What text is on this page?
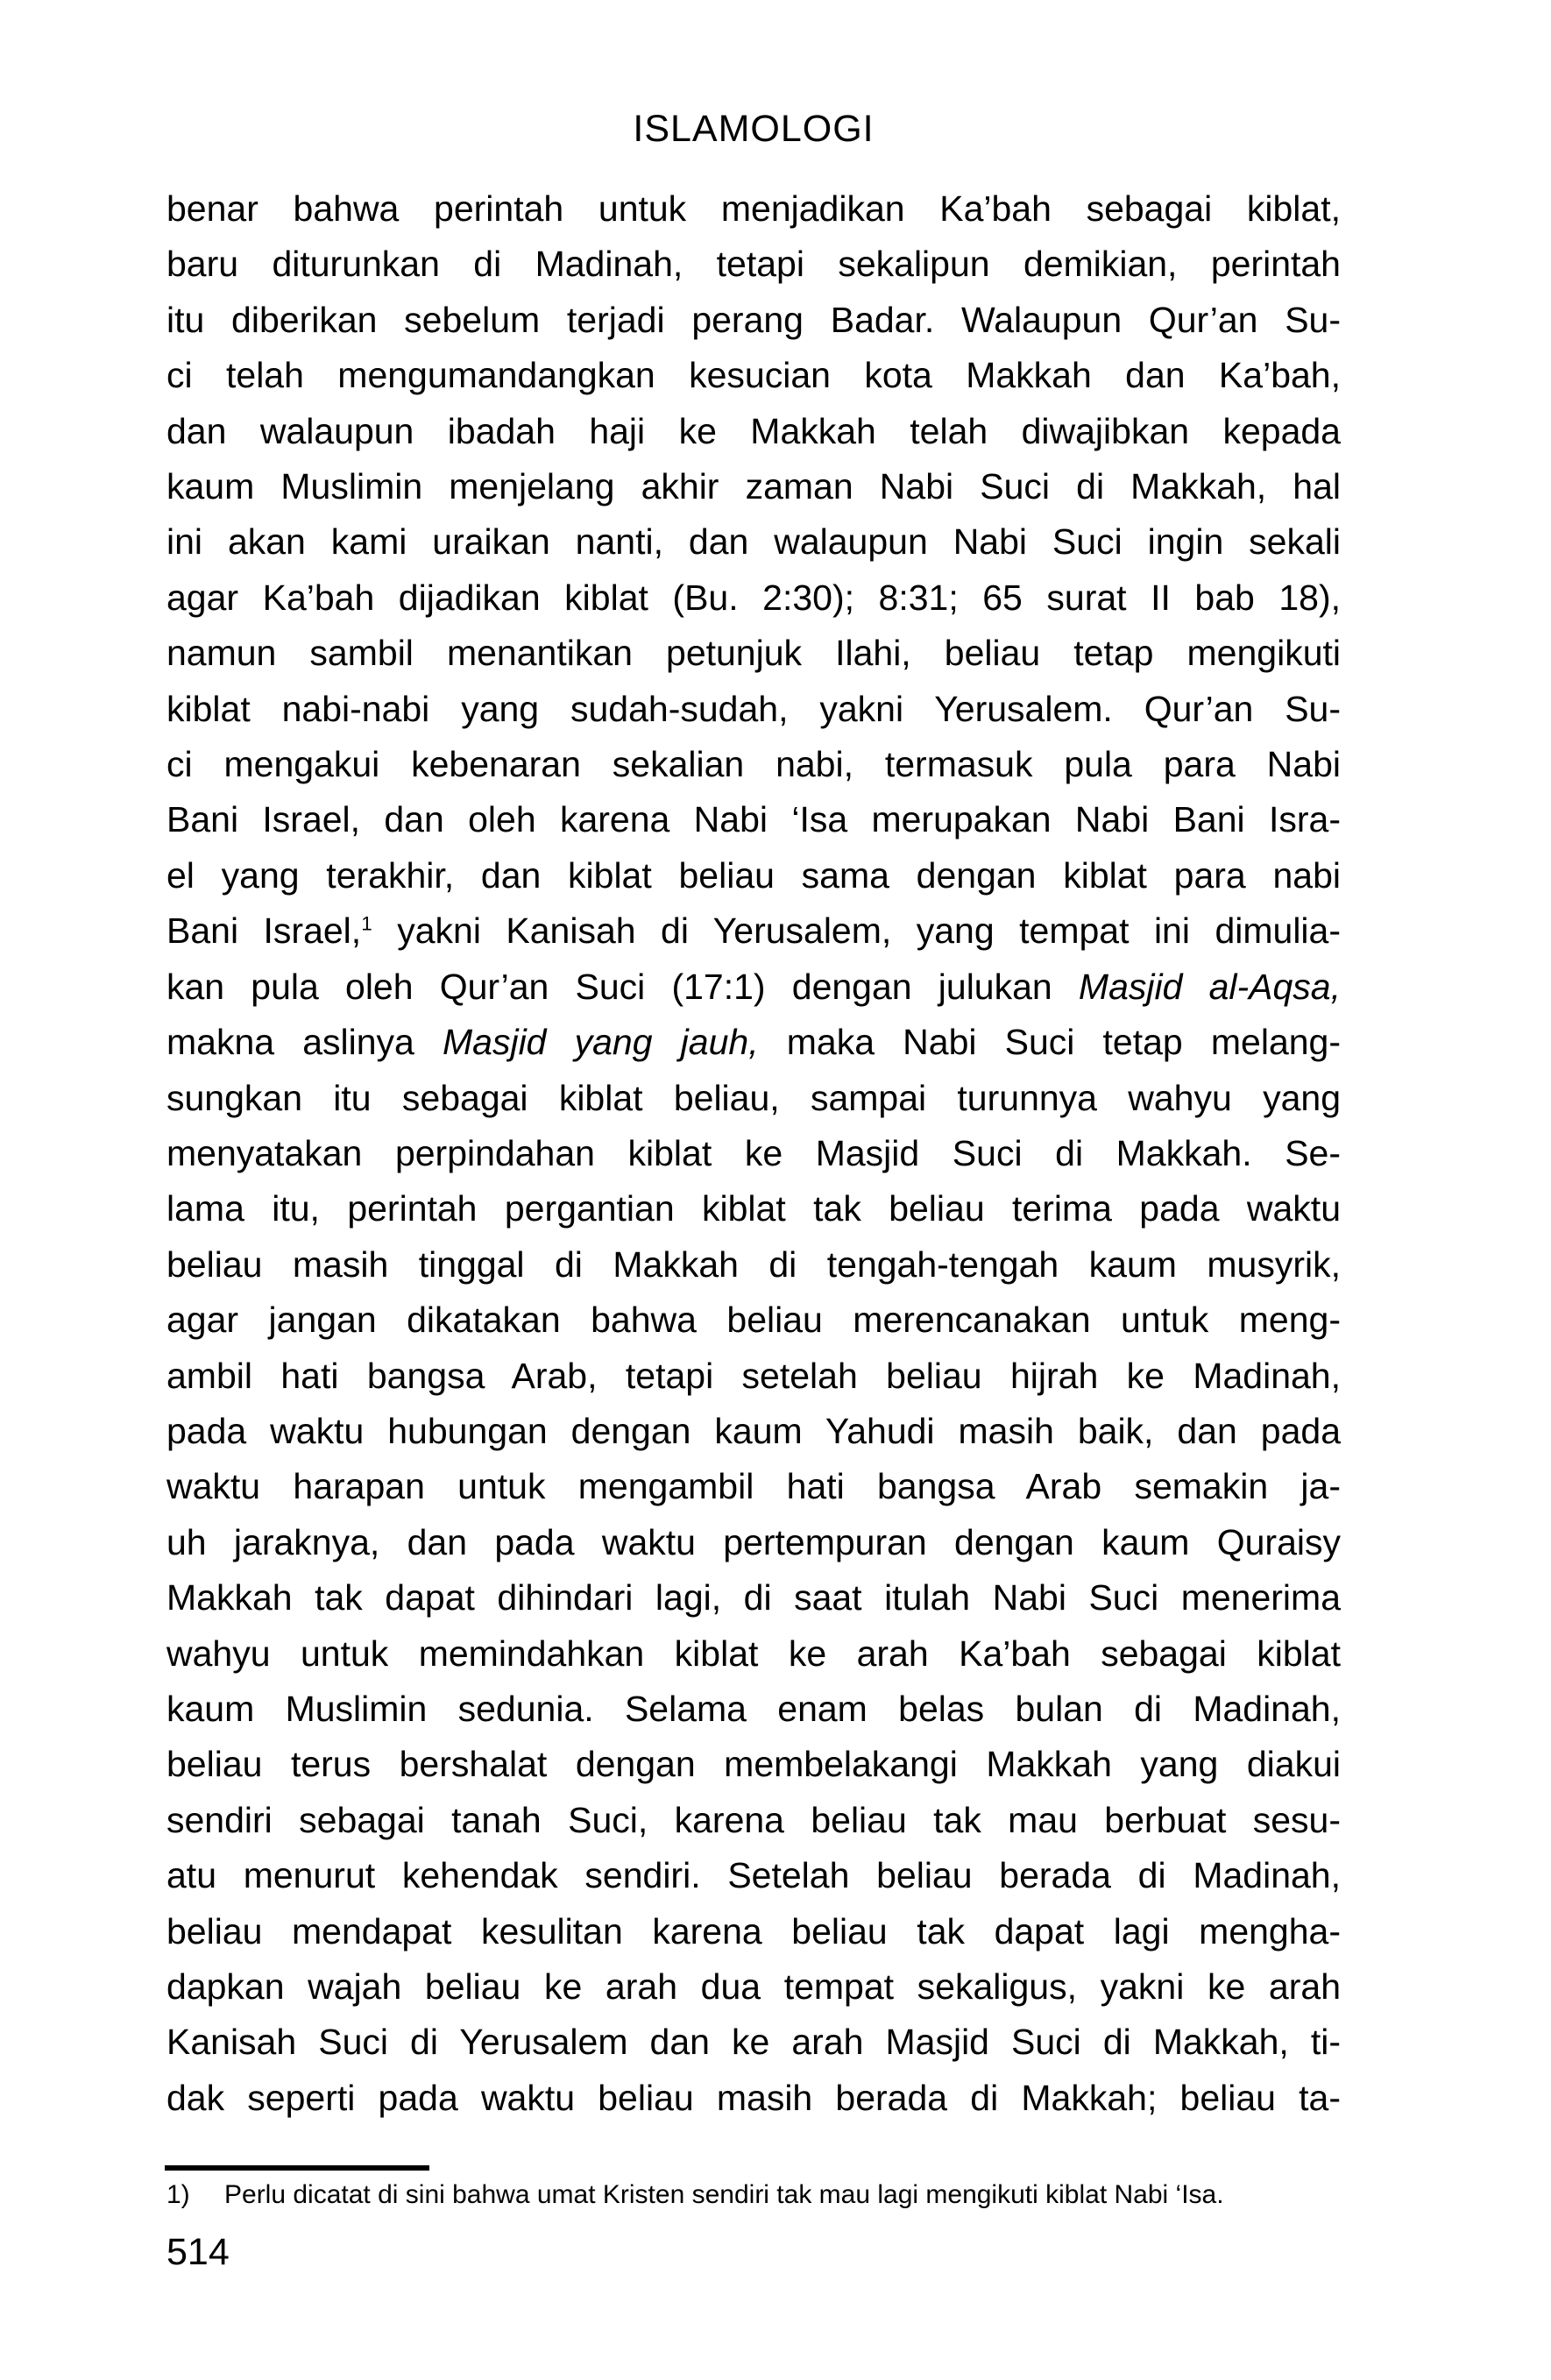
ISLAMOLOGI
benar bahwa perintah untuk menjadikan Ka’bah sebagai kiblat,
baru diturunkan di Madinah, tetapi sekalipun demikian, perintah
itu diberikan sebelum terjadi perang Badar. Walaupun Qur’an Su-
ci telah mengumandangkan kesucian kota Makkah dan Ka’bah,
dan walaupun ibadah haji ke Makkah telah diwajibkan kepada
kaum Muslimin menjelang akhir zaman Nabi Suci di Makkah, hal
ini akan kami uraikan nanti, dan walaupun Nabi Suci ingin sekali
agar Ka’bah dijadikan kiblat (Bu. 2:30); 8:31; 65 surat II bab 18),
namun sambil menantikan petunjuk Ilahi, beliau tetap mengikuti
kiblat nabi-nabi yang sudah-sudah, yakni Yerusalem. Qur’an Su-
ci mengakui kebenaran sekalian nabi, termasuk pula para Nabi
Bani Israel, dan oleh karena Nabi ‘Isa merupakan Nabi Bani Isra-
el yang terakhir, dan kiblat beliau sama dengan kiblat para nabi
Bani Israel,$^1$ yakni Kanisah di Yerusalem, yang tempat ini dimulia-
kan pula oleh Qur’an Suci (17:1) dengan julukan Masjid al-Aqsa,
makna aslinya Masjid yang jauh, maka Nabi Suci tetap melang-
sungkan itu sebagai kiblat beliau, sampai turunnya wahyu yang
menyatakan perpindahan kiblat ke Masjid Suci di Makkah. Se-
lama itu, perintah pergantian kiblat tak beliau terima pada waktu
beliau masih tinggal di Makkah di tengah-tengah kaum musyrik,
agar jangan dikatakan bahwa beliau merencanakan untuk meng-
ambil hati bangsa Arab, tetapi setelah beliau hijrah ke Madinah,
pada waktu hubungan dengan kaum Yahudi masih baik, dan pada
waktu harapan untuk mengambil hati bangsa Arab semakin ja-
uh jaraknya, dan pada waktu pertempuran dengan kaum Quraisy
Makkah tak dapat dihindari lagi, di saat itulah Nabi Suci menerima
wahyu untuk memindahkan kiblat ke arah Ka’bah sebagai kiblat
kaum Muslimin sedunia. Selama enam belas bulan di Madinah,
beliau terus bershalat dengan membelakangi Makkah yang diakui
sendiri sebagai tanah Suci, karena beliau tak mau berbuat sesu-
atu menurut kehendak sendiri. Setelah beliau berada di Madinah,
beliau mendapat kesulitan karena beliau tak dapat lagi mengha-
dapkan wajah beliau ke arah dua tempat sekaligus, yakni ke arah
Kanisah Suci di Yerusalem dan ke arah Masjid Suci di Makkah, ti-
dak seperti pada waktu beliau masih berada di Makkah; beliau ta-
1) Perlu dicatat di sini bahwa umat Kristen sendiri tak mau lagi mengikuti kiblat Nabi ‘Isa.
514
